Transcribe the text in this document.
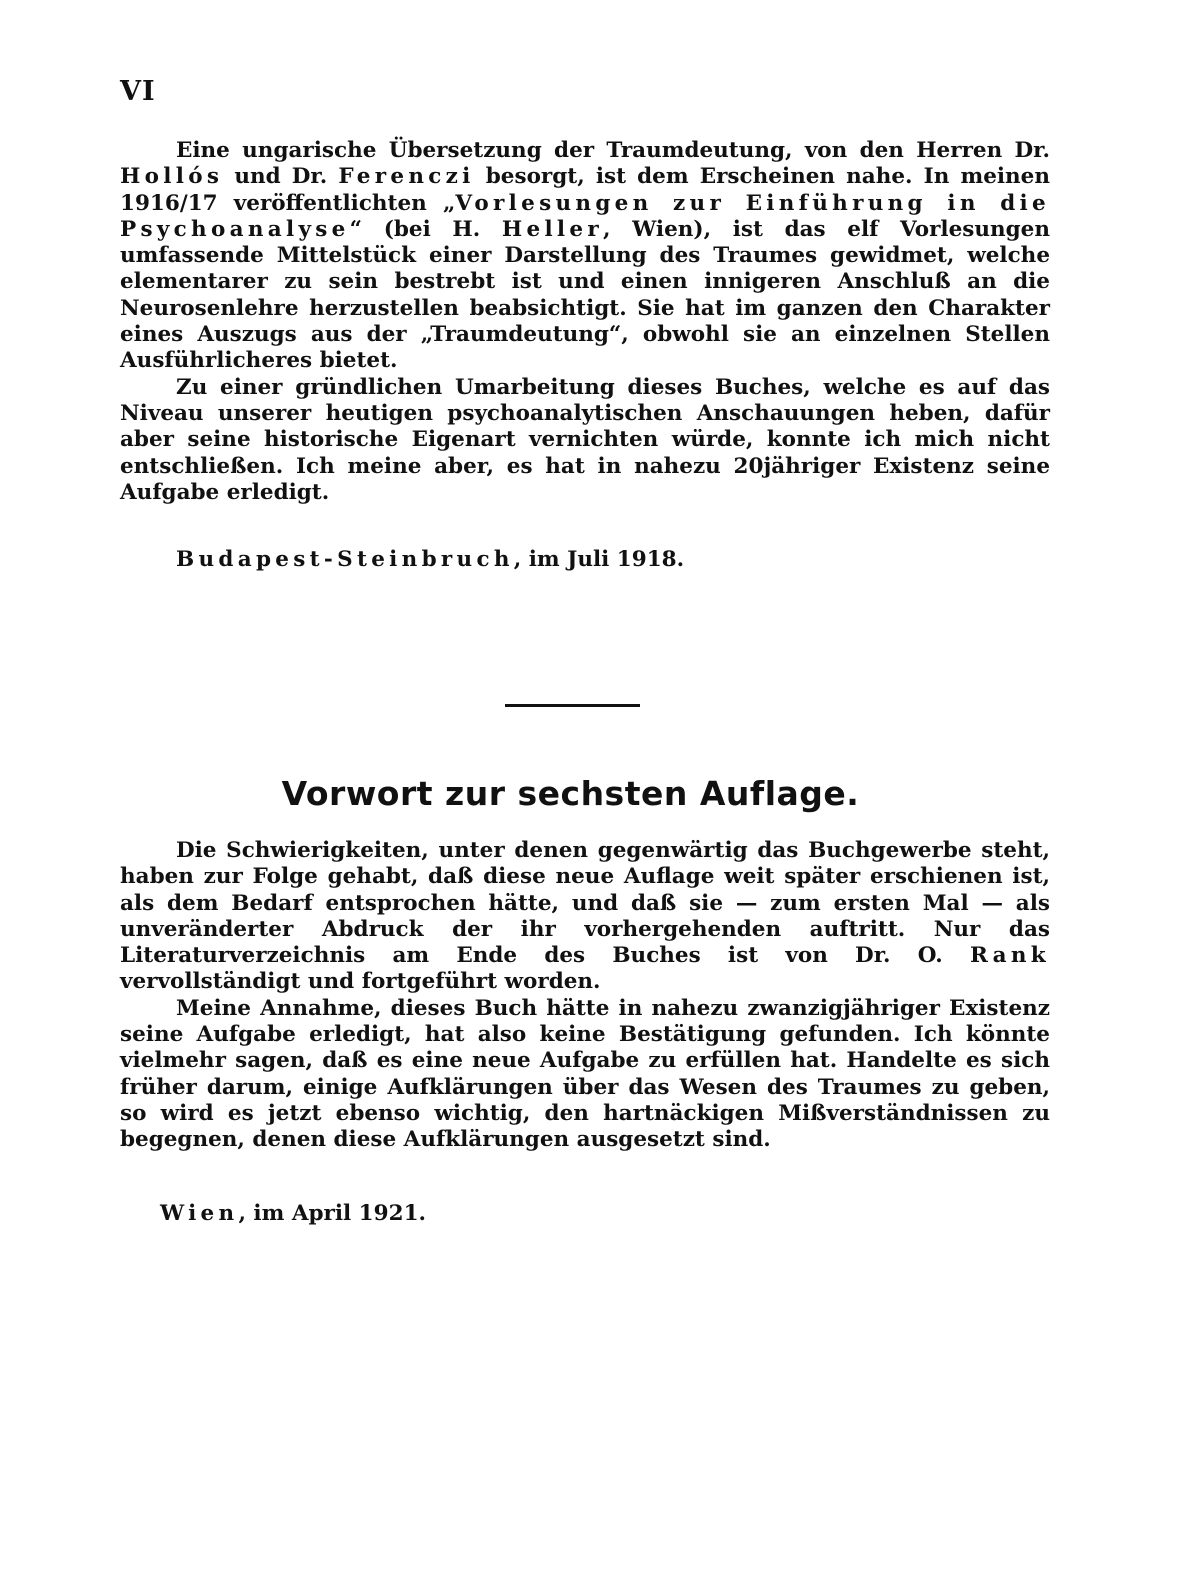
VI

Eine ungarische Übersetzung der Traumdeutung, von den Herren Dr. Hollós und Dr. Ferenczi besorgt, ist dem Erscheinen nahe. In meinen 1916/17 veröffentlichten „Vorlesungen zur Einführung in die Psychoanalyse“ (bei H. Heller, Wien), ist das elf Vorlesungen umfassende Mittelstück einer Darstellung des Traumes gewidmet, welche elementarer zu sein bestrebt ist und einen innigeren Anschluß an die Neurosenlehre herzustellen beabsichtigt. Sie hat im ganzen den Charakter eines Auszugs aus der „Traumdeutung“, obwohl sie an einzelnen Stellen Ausführlicheres bietet.

Zu einer gründlichen Umarbeitung dieses Buches, welche es auf das Niveau unserer heutigen psychoanalytischen Anschauungen heben, dafür aber seine historische Eigenart vernichten würde, konnte ich mich nicht entschließen. Ich meine aber, es hat in nahezu 20jähriger Existenz seine Aufgabe erledigt.

Budapest-Steinbruch, im Juli 1918.
Vorwort zur sechsten Auflage.

Die Schwierigkeiten, unter denen gegenwärtig das Buchgewerbe steht, haben zur Folge gehabt, daß diese neue Auflage weit später erschienen ist, als dem Bedarf entsprochen hätte, und daß sie — zum ersten Mal — als unveränderter Abdruck der ihr vorhergehenden auftritt. Nur das Literaturverzeichnis am Ende des Buches ist von Dr. O. Rank vervollständigt und fortgeführt worden.

Meine Annahme, dieses Buch hätte in nahezu zwanzigjähriger Existenz seine Aufgabe erledigt, hat also keine Bestätigung gefunden. Ich könnte vielmehr sagen, daß es eine neue Aufgabe zu erfüllen hat. Handelte es sich früher darum, einige Aufklärungen über das Wesen des Traumes zu geben, so wird es jetzt ebenso wichtig, den hartnäckigen Mißverständnissen zu begegnen, denen diese Aufklärungen ausgesetzt sind.

Wien, im April 1921.
